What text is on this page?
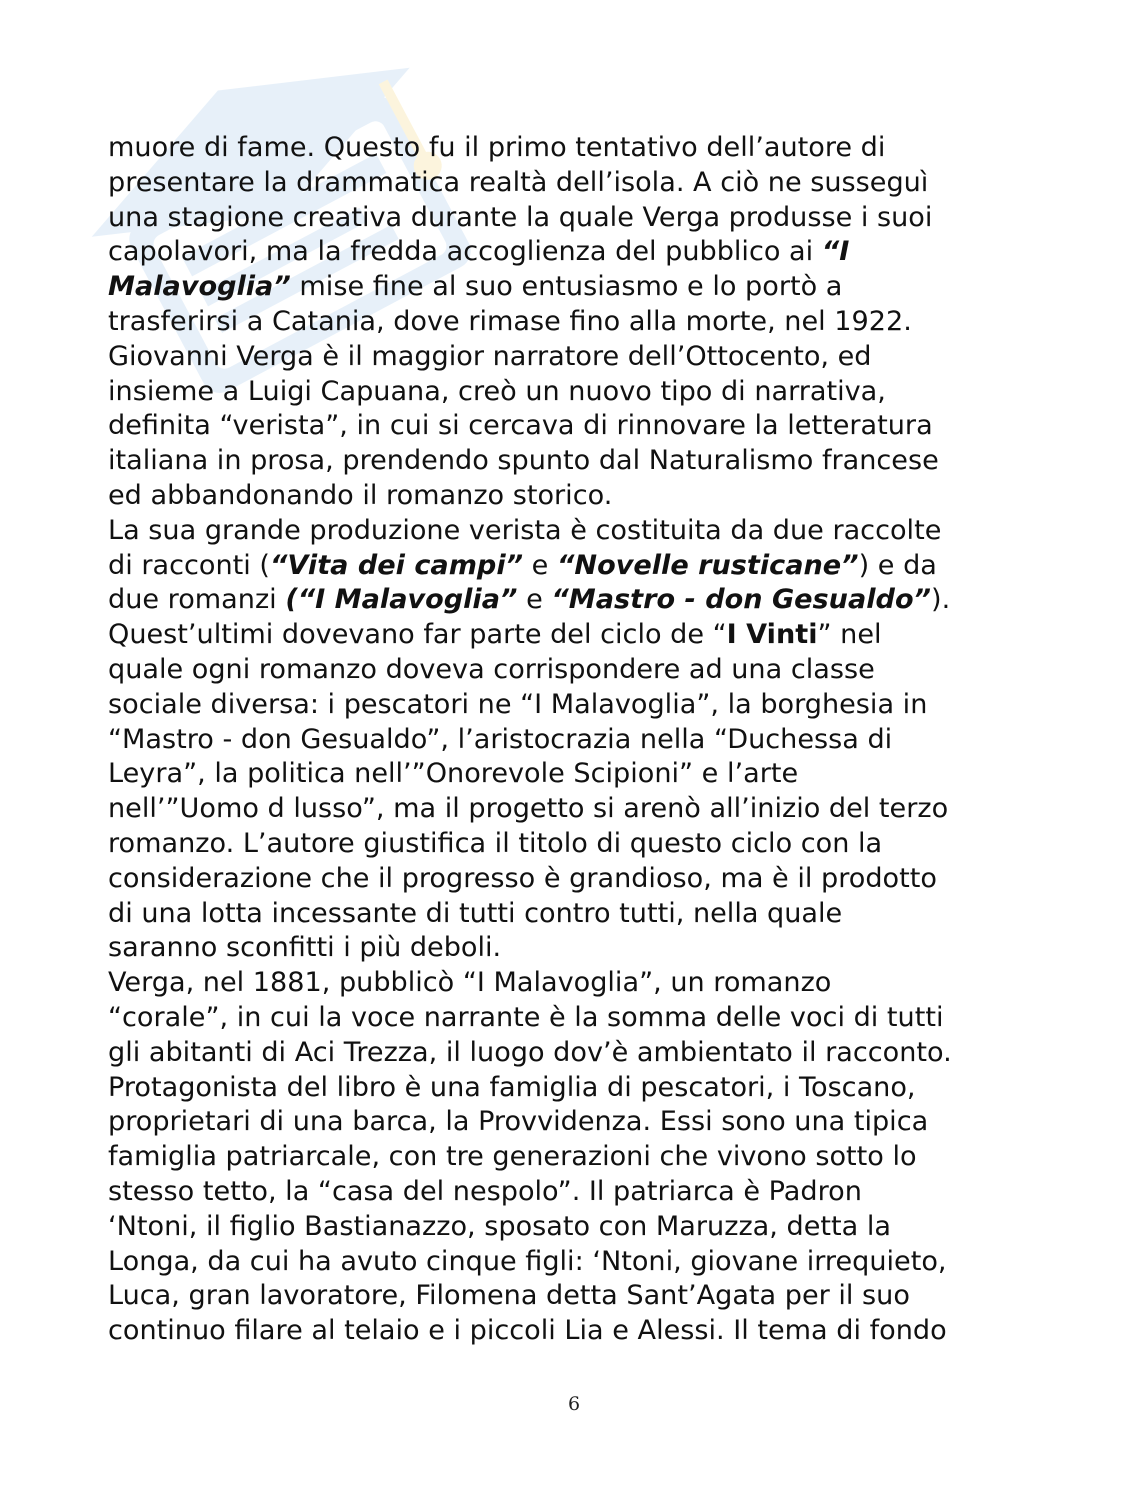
muore di fame. Questo fu il primo tentativo dell’autore di
presentare la drammatica realtà dell’isola. A ciò ne susseguì
una stagione creativa durante la quale Verga produsse i suoi
capolavori, ma la fredda accoglienza del pubblico ai “I
Malavoglia” mise fine al suo entusiasmo e lo portò a
trasferirsi a Catania, dove rimase fino alla morte, nel 1922.
Giovanni Verga è il maggior narratore dell’Ottocento, ed
insieme a Luigi Capuana, creò un nuovo tipo di narrativa,
definita “verista”, in cui si cercava di rinnovare la letteratura
italiana in prosa, prendendo spunto dal Naturalismo francese
ed abbandonando il romanzo storico.
La sua grande produzione verista è costituita da due raccolte
di racconti (“Vita dei campi” e “Novelle rusticane”) e da
due romanzi (“I Malavoglia” e “Mastro - don Gesualdo”).
Quest’ultimi dovevano far parte del ciclo de “I Vinti” nel
quale ogni romanzo doveva corrispondere ad una classe
sociale diversa: i pescatori ne “I Malavoglia”, la borghesia in
“Mastro - don Gesualdo”, l’aristocrazia nella “Duchessa di
Leyra”, la politica nell’”Onorevole Scipioni” e l’arte
nell’”Uomo d lusso”, ma il progetto si arenò all’inizio del terzo
romanzo. L’autore giustifica il titolo di questo ciclo con la
considerazione che il progresso è grandioso, ma è il prodotto
di una lotta incessante di tutti contro tutti, nella quale
saranno sconfitti i più deboli.
Verga, nel 1881, pubblicò “I Malavoglia”, un romanzo
“corale”, in cui la voce narrante è la somma delle voci di tutti
gli abitanti di Aci Trezza, il luogo dov’è ambientato il racconto.
Protagonista del libro è una famiglia di pescatori, i Toscano,
proprietari di una barca, la Provvidenza. Essi sono una tipica
famiglia patriarcale, con tre generazioni che vivono sotto lo
stesso tetto, la “casa del nespolo”. Il patriarca è Padron
‘Ntoni, il figlio Bastianazzo, sposato con Maruzza, detta la
Longa, da cui ha avuto cinque figli: ‘Ntoni, giovane irrequieto,
Luca, gran lavoratore, Filomena detta Sant’Agata per il suo
continuo filare al telaio e i piccoli Lia e Alessi. Il tema di fondo
6
